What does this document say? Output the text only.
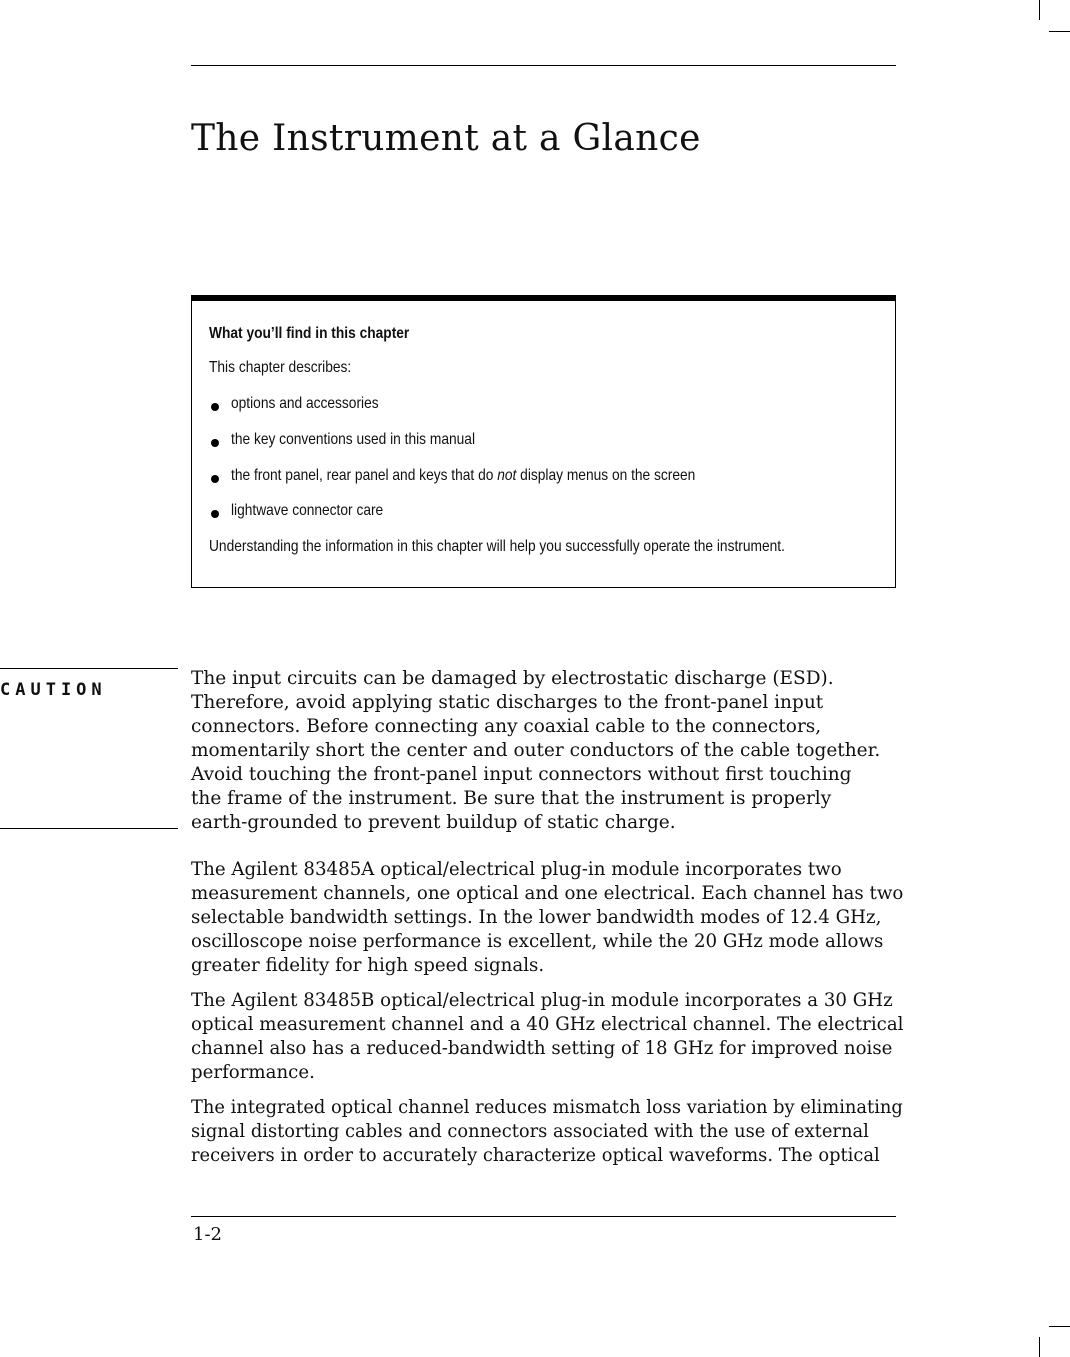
The Instrument at a Glance
What you’ll find in this chapter
This chapter describes:
options and accessories
the key conventions used in this manual
the front panel, rear panel and keys that do not display menus on the screen
lightwave connector care
Understanding the information in this chapter will help you successfully operate the instrument.
CAUTION
The input circuits can be damaged by electrostatic discharge (ESD).
Therefore, avoid applying static discharges to the front-panel input
connectors. Before connecting any coaxial cable to the connectors,
momentarily short the center and outer conductors of the cable together.
Avoid touching the front-panel input connectors without first touching
the frame of the instrument. Be sure that the instrument is properly
earth-grounded to prevent buildup of static charge.
The Agilent 83485A optical/electrical plug-in module incorporates two
measurement channels, one optical and one electrical. Each channel has two
selectable bandwidth settings. In the lower bandwidth modes of 12.4 GHz,
oscilloscope noise performance is excellent, while the 20 GHz mode allows
greater fidelity for high speed signals.
The Agilent 83485B optical/electrical plug-in module incorporates a 30 GHz
optical measurement channel and a 40 GHz electrical channel. The electrical
channel also has a reduced-bandwidth setting of 18 GHz for improved noise
performance.
The integrated optical channel reduces mismatch loss variation by eliminating
signal distorting cables and connectors associated with the use of external
receivers in order to accurately characterize optical waveforms. The optical
1-2
